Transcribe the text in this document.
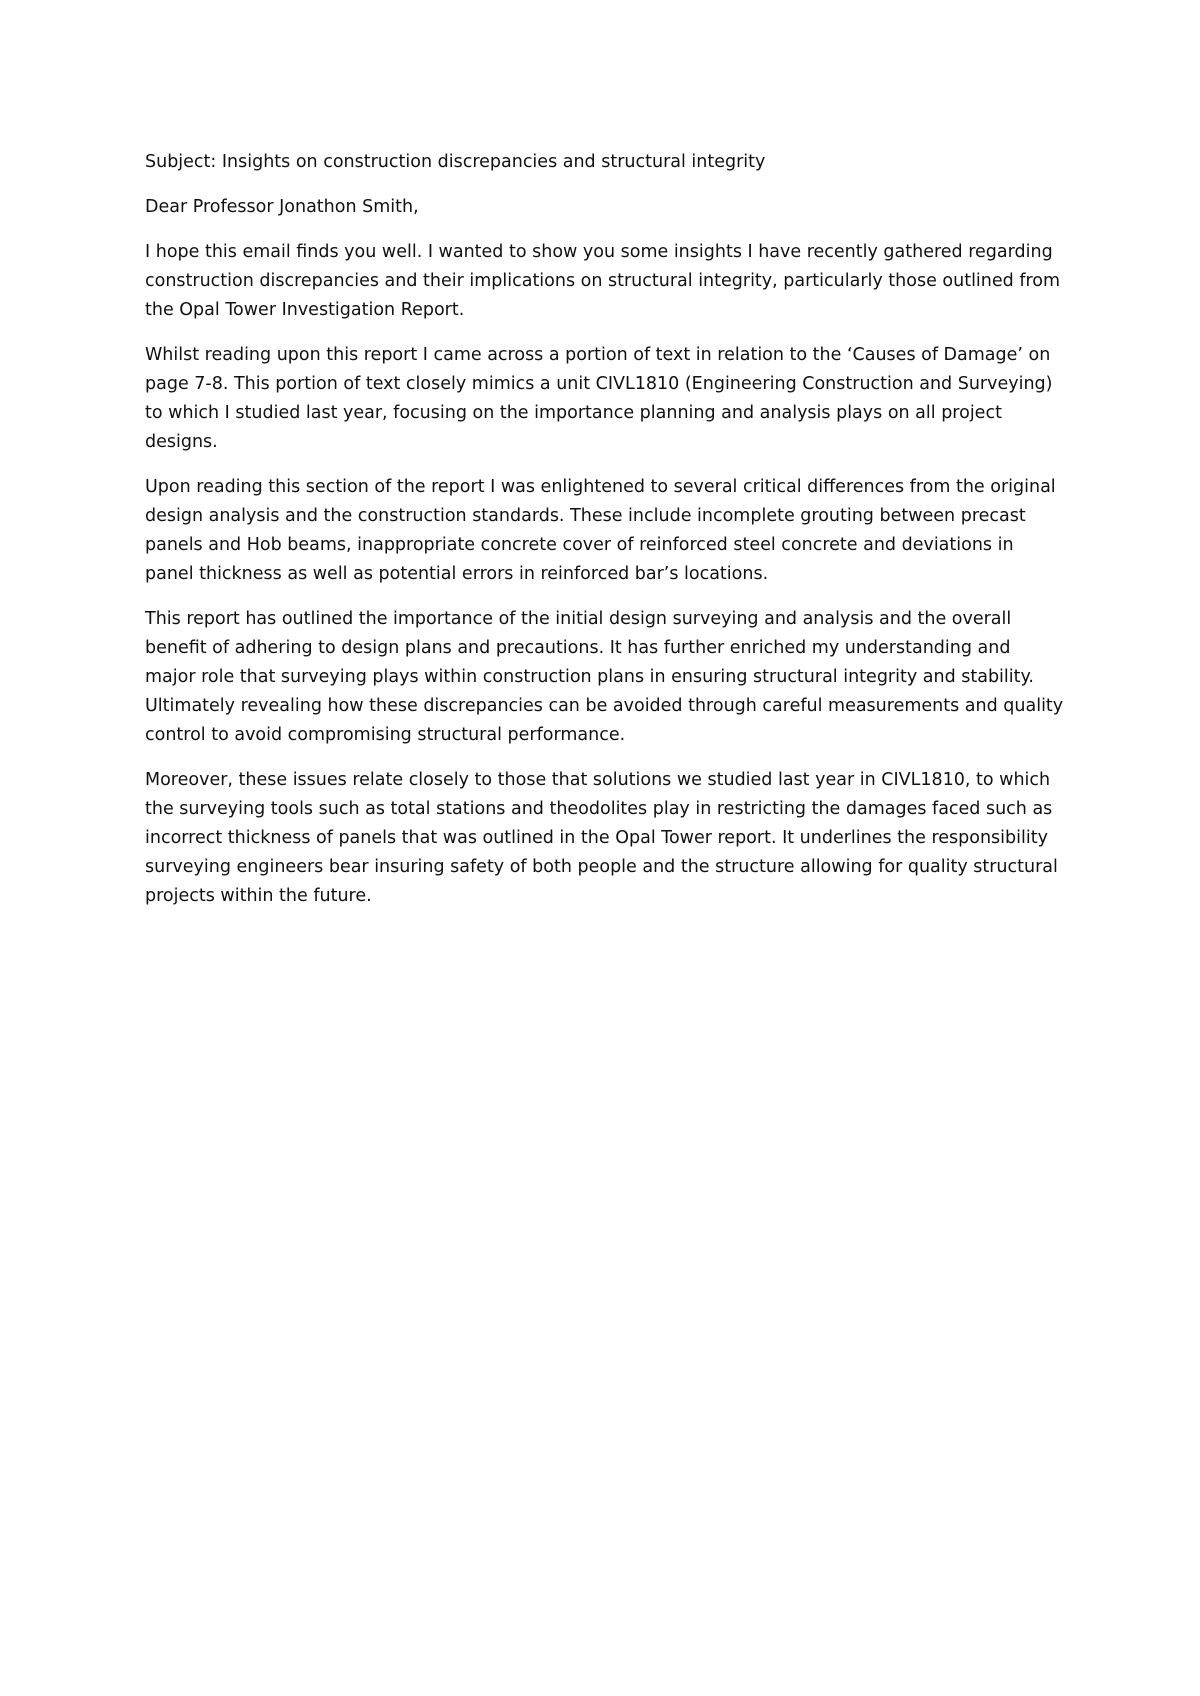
Subject: Insights on construction discrepancies and structural integrity

Dear Professor Jonathon Smith,

I hope this email finds you well. I wanted to show you some insights I have recently gathered regarding construction discrepancies and their implications on structural integrity, particularly those outlined from the Opal Tower Investigation Report.

Whilst reading upon this report I came across a portion of text in relation to the ‘Causes of Damage’ on page 7-8. This portion of text closely mimics a unit CIVL1810 (Engineering Construction and Surveying) to which I studied last year, focusing on the importance planning and analysis plays on all project designs.

Upon reading this section of the report I was enlightened to several critical differences from the original design analysis and the construction standards. These include incomplete grouting between precast panels and Hob beams, inappropriate concrete cover of reinforced steel concrete and deviations in panel thickness as well as potential errors in reinforced bar’s locations.

This report has outlined the importance of the initial design surveying and analysis and the overall benefit of adhering to design plans and precautions. It has further enriched my understanding and major role that surveying plays within construction plans in ensuring structural integrity and stability. Ultimately revealing how these discrepancies can be avoided through careful measurements and quality control to avoid compromising structural performance.

Moreover, these issues relate closely to those that solutions we studied last year in CIVL1810, to which the surveying tools such as total stations and theodolites play in restricting the damages faced such as incorrect thickness of panels that was outlined in the Opal Tower report. It underlines the responsibility surveying engineers bear insuring safety of both people and the structure allowing for quality structural projects within the future.
